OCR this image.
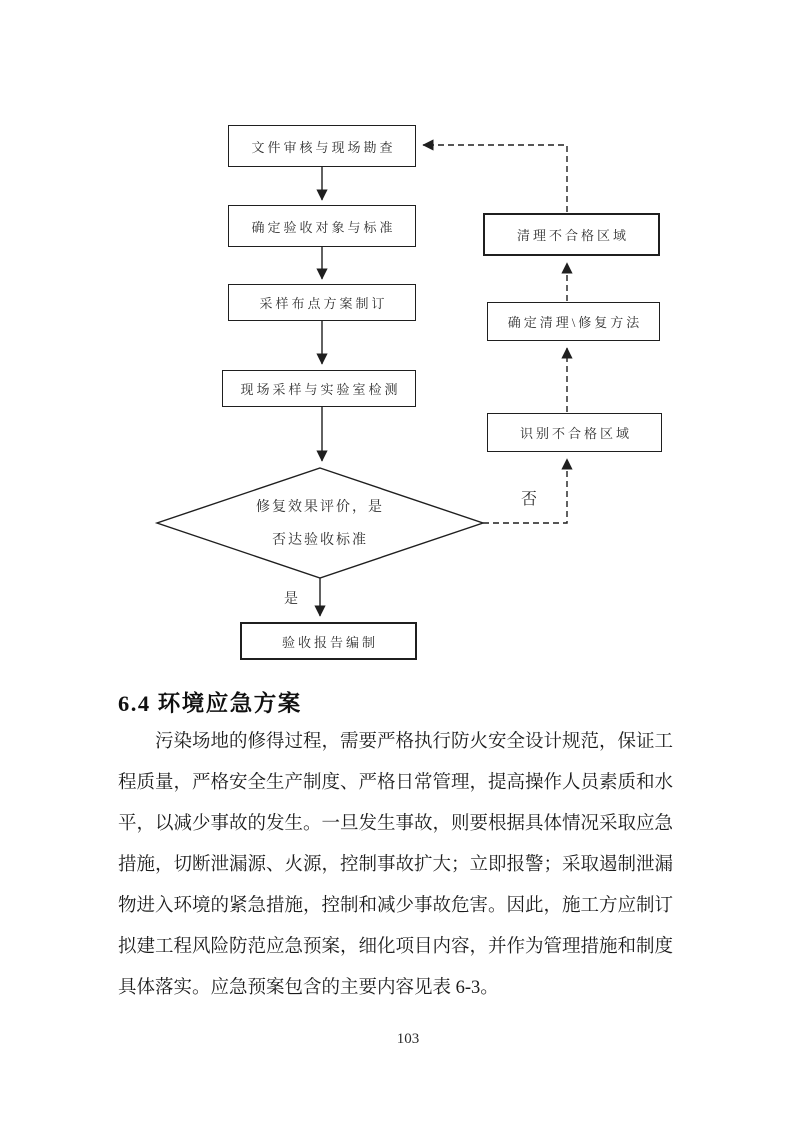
文件审核与现场勘查
确定验收对象与标准
采样布点方案制订
现场采样与实验室检测
修复效果评价，是
否达验收标准
是
否
验收报告编制
清理不合格区域
确定清理\修复方法
识别不合格区域
6.4 环境应急方案
污染场地的修得过程，需要严格执行防火安全设计规范，保证工
程质量，严格安全生产制度、严格日常管理，提高操作人员素质和水
平，以减少事故的发生。一旦发生事故，则要根据具体情况采取应急
措施，切断泄漏源、火源，控制事故扩大；立即报警；采取遏制泄漏
物进入环境的紧急措施，控制和减少事故危害。因此，施工方应制订
拟建工程风险防范应急预案，细化项目内容，并作为管理措施和制度
具体落实。应急预案包含的主要内容见表 6-3。
103
